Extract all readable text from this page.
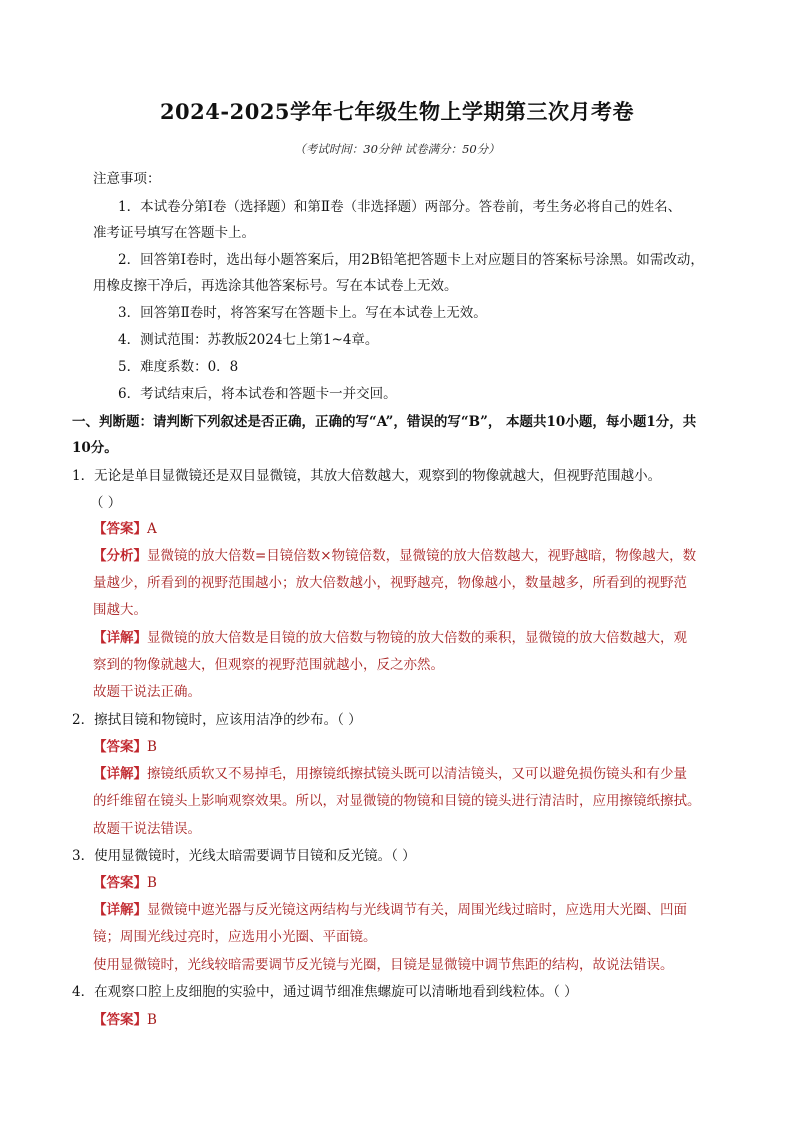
2024-2025学年七年级生物上学期第三次月考卷
（考试时间：30分钟 试卷满分：50分）
注意事项：
1．本试卷分第Ⅰ卷（选择题）和第Ⅱ卷（非选择题）两部分。答卷前，考生务必将自己的姓名、
准考证号填写在答题卡上。
2．回答第Ⅰ卷时，选出每小题答案后，用2B铅笔把答题卡上对应题目的答案标号涂黑。如需改动，
用橡皮擦干净后，再选涂其他答案标号。写在本试卷上无效。
3．回答第Ⅱ卷时，将答案写在答题卡上。写在本试卷上无效。
4．测试范围：苏教版2024七上第1~4章。
5．难度系数：0．8
6．考试结束后，将本试卷和答题卡一并交回。
一、判断题：请判断下列叙述是否正确，正确的写“A”，错误的写“B”， 本题共10小题，每小题1分，共
10分。
1．无论是单目显微镜还是双目显微镜，其放大倍数越大，观察到的物像就越大，但视野范围越小。
（ ）
【答案】A
【分析】显微镜的放大倍数=目镜倍数×物镜倍数，显微镜的放大倍数越大，视野越暗，物像越大，数
量越少，所看到的视野范围越小；放大倍数越小，视野越亮，物像越小，数量越多，所看到的视野范
围越大。
【详解】显微镜的放大倍数是目镜的放大倍数与物镜的放大倍数的乘积，显微镜的放大倍数越大，观
察到的物像就越大，但观察的视野范围就越小，反之亦然。
故题干说法正确。
2．擦拭目镜和物镜时，应该用洁净的纱布。（ ）
【答案】B
【详解】擦镜纸质软又不易掉毛，用擦镜纸擦拭镜头既可以清洁镜头，又可以避免损伤镜头和有少量
的纤维留在镜头上影响观察效果。所以，对显微镜的物镜和目镜的镜头进行清洁时，应用擦镜纸擦拭。
故题干说法错误。
3．使用显微镜时，光线太暗需要调节目镜和反光镜。（ ）
【答案】B
【详解】显微镜中遮光器与反光镜这两结构与光线调节有关，周围光线过暗时，应选用大光圈、凹面
镜；周围光线过亮时，应选用小光圈、平面镜。
使用显微镜时，光线较暗需要调节反光镜与光圈，目镜是显微镜中调节焦距的结构，故说法错误。
4．在观察口腔上皮细胞的实验中，通过调节细准焦螺旋可以清晰地看到线粒体。（ ）
【答案】B
